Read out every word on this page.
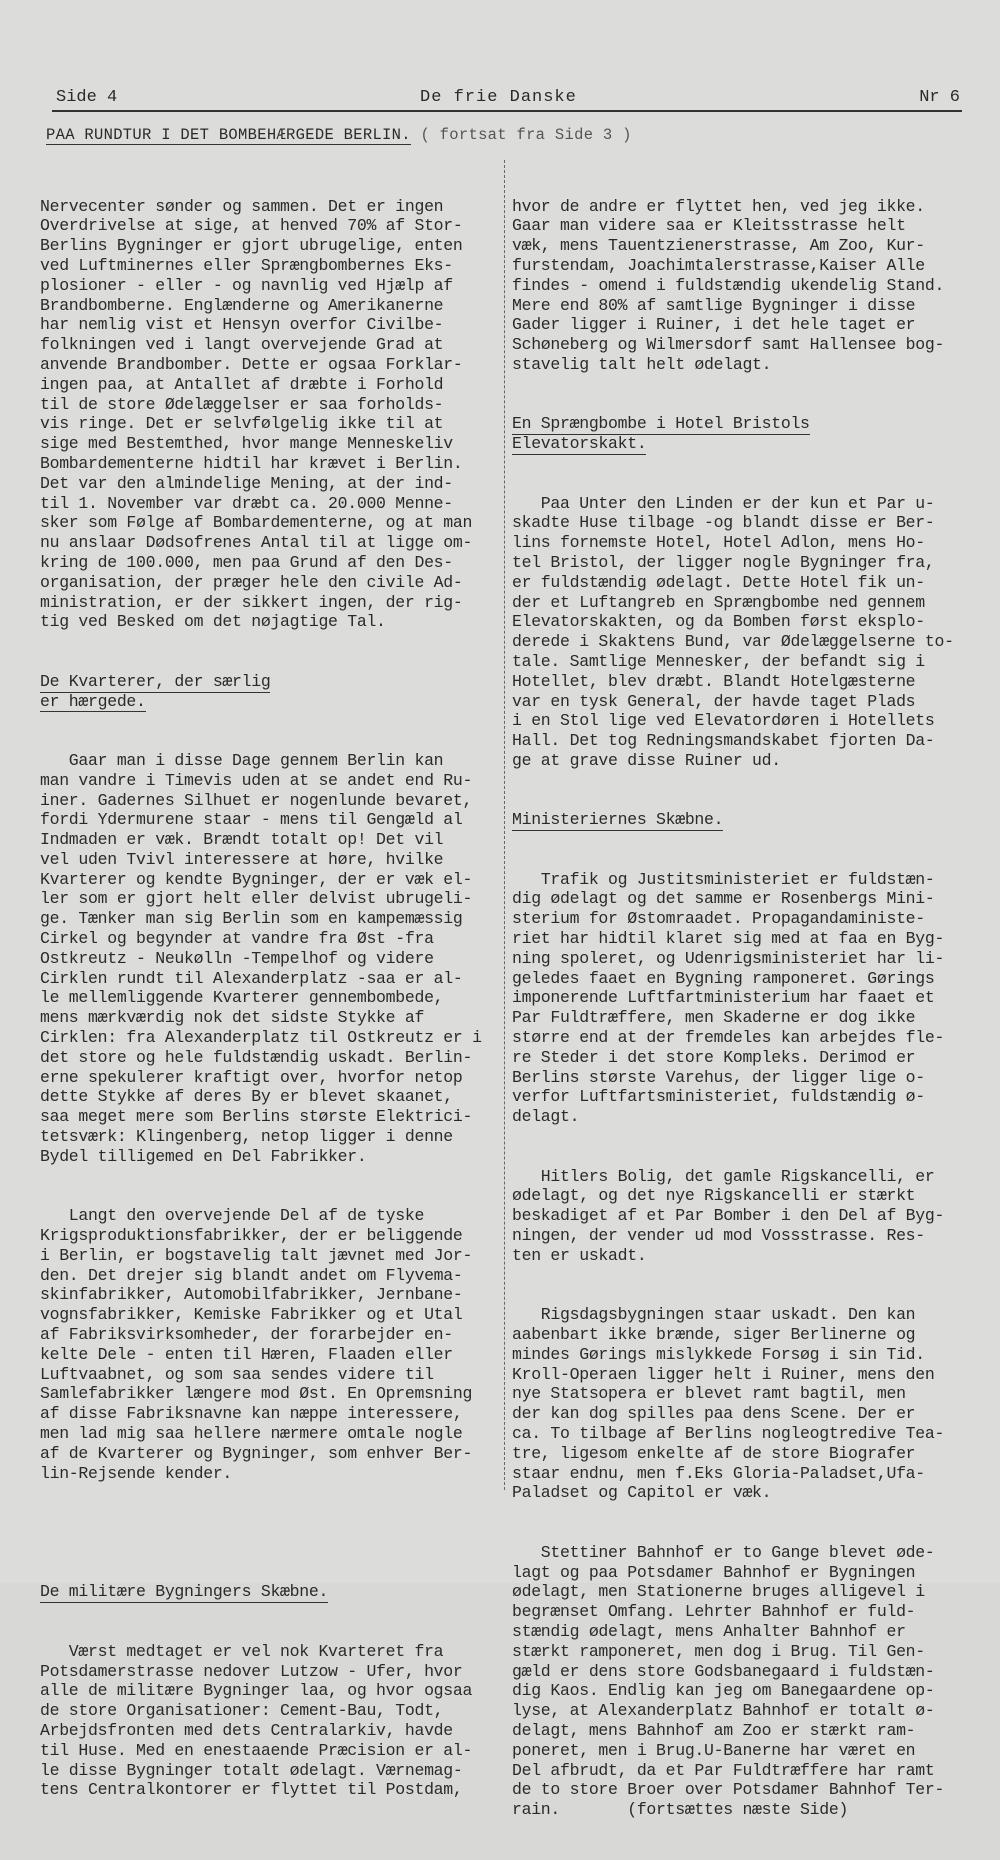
Side 4	De frie Danske	Nr 6
PAA RUNDTUR I DET BOMBEHÆRGEDE BERLIN. ( fortsat fra Side 3 )

Nervecenter sønder og sammen. Det er ingen
Overdrivelse at sige, at henved 70% af Stor-
Berlins Bygninger er gjort ubrugelige, enten
ved Luftminernes eller Sprængbombernes Eks-
plosioner - eller - og navnlig ved Hjælp af
Brandbomberne. Englænderne og Amerikanerne
har nemlig vist et Hensyn overfor Civilbe-
folkningen ved i langt overvejende Grad at
anvende Brandbomber. Dette er ogsaa Forklar-
ingen paa, at Antallet af dræbte i Forhold
til de store Ødelæggelser er saa forholds-
vis ringe. Det er selvfølgelig ikke til at
sige med Bestemthed, hvor mange Menneskeliv
Bombardementerne hidtil har krævet i Berlin.
Det var den almindelige Mening, at der ind-
til 1. November var dræbt ca. 20.000 Menne-
sker som Følge af Bombardementerne, og at man
nu anslaar Dødsofrenes Antal til at ligge om-
kring de 100.000, men paa Grund af den Des-
organisation, der præger hele den civile Ad-
ministration, er der sikkert ingen, der rig-
tig ved Besked om det nøjagtige Tal.

De Kvarterer, der særlig
er hærgede.

Gaar man i disse Dage gennem Berlin kan
man vandre i Timevis uden at se andet end Ru-
iner. Gadernes Silhuet er nogenlunde bevaret,
fordi Ydermurene staar - mens til Gengæld al
Indmaden er væk. Brændt totalt op! Det vil
vel uden Tvivl interessere at høre, hvilke
Kvarterer og kendte Bygninger, der er væk el-
ler som er gjort helt eller delvist ubrugeli-
ge. Tænker man sig Berlin som en kampemæssig
Cirkel og begynder at vandre fra Øst -fra
Ostkreutz - Neukølln -Tempelhof og videre
Cirklen rundt til Alexanderplatz -saa er al-
le mellemliggende Kvarterer gennembombede,
mens mærkværdig nok det sidste Stykke af
Cirklen: fra Alexanderplatz til Ostkreutz er i
det store og hele fuldstændig uskadt. Berlin-
erne spekulerer kraftigt over, hvorfor netop
dette Stykke af deres By er blevet skaanet,
saa meget mere som Berlins største Elektrici-
tetsværk: Klingenberg, netop ligger i denne
Bydel tilligemed en Del Fabrikker.

Langt den overvejende Del af de tyske
Krigsproduktionsfabrikker, der er beliggende
i Berlin, er bogstavelig talt jævnet med Jor-
den. Det drejer sig blandt andet om Flyvema-
skinfabrikker, Automobilfabrikker, Jernbane-
vognsfabrikker, Kemiske Fabrikker og et Utal
af Fabriksvirksomheder, der forarbejder en-
kelte Dele - enten til Hæren, Flaaden eller
Luftvaabnet, og som saa sendes videre til
Samlefabrikker længere mod Øst. En Opremsning
af disse Fabriksnavne kan næppe interessere,
men lad mig saa hellere nærmere omtale nogle
af de Kvarterer og Bygninger, som enhver Ber-
lin-Rejsende kender.

De militære Bygningers Skæbne.

Værst medtaget er vel nok Kvarteret fra
Potsdamerstrasse nedover Lutzow - Ufer, hvor
alle de militære Bygninger laa, og hvor ogsaa
de store Organisationer: Cement-Bau, Todt,
Arbejdsfronten med dets Centralarkiv, havde
til Huse. Med en enestaaende Præcision er al-
le disse Bygninger totalt ødelagt. Værnemag-
tens Centralkontorer er flyttet til Postdam,

hvor de andre er flyttet hen, ved jeg ikke.
Gaar man videre saa er Kleitsstrasse helt
væk, mens Tauentzienerstrasse, Am Zoo, Kur-
furstendam, Joachimtalerstrasse,Kaiser Alle
findes - omend i fuldstændig ukendelig Stand.
Mere end 80% af samtlige Bygninger i disse
Gader ligger i Ruiner, i det hele taget er
Schøneberg og Wilmersdorf samt Hallensee bog-
stavelig talt helt ødelagt.

En Sprængbombe i Hotel Bristols
Elevatorskakt.

Paa Unter den Linden er der kun et Par u-
skadte Huse tilbage -og blandt disse er Ber-
lins fornemste Hotel, Hotel Adlon, mens Ho-
tel Bristol, der ligger nogle Bygninger fra,
er fuldstændig ødelagt. Dette Hotel fik un-
der et Luftangreb en Sprængbombe ned gennem
Elevatorskakten, og da Bomben først eksplo-
derede i Skaktens Bund, var Ødelæggelserne to-
tale. Samtlige Mennesker, der befandt sig i
Hotellet, blev dræbt. Blandt Hotelgæsterne
var en tysk General, der havde taget Plads
i en Stol lige ved Elevatordøren i Hotellets
Hall. Det tog Redningsmandskabet fjorten Da-
ge at grave disse Ruiner ud.

Ministeriernes Skæbne.

Trafik og Justitsministeriet er fuldstæn-
dig ødelagt og det samme er Rosenbergs Mini-
sterium for Østomraadet. Propagandaministe-
riet har hidtil klaret sig med at faa en Byg-
ning spoleret, og Udenrigsministeriet har li-
geledes faaet en Bygning ramponeret. Gørings
imponerende Luftfartministerium har faaet et
Par Fuldtræffere, men Skaderne er dog ikke
større end at der fremdeles kan arbejdes fle-
re Steder i det store Kompleks. Derimod er
Berlins største Varehus, der ligger lige o-
verfor Luftfartsministeriet, fuldstændig ø-
delagt.

Hitlers Bolig, det gamle Rigskancelli, er
ødelagt, og det nye Rigskancelli er stærkt
beskadiget af et Par Bomber i den Del af Byg-
ningen, der vender ud mod Vossstrasse. Res-
ten er uskadt.

Rigsdagsbygningen staar uskadt. Den kan
aabenbart ikke brænde, siger Berlinerne og
mindes Gørings mislykkede Forsøg i sin Tid.
Kroll-Operaen ligger helt i Ruiner, mens den
nye Statsopera er blevet ramt bagtil, men
der kan dog spilles paa dens Scene. Der er
ca. To tilbage af Berlins nogleogtredive Tea-
tre, ligesom enkelte af de store Biografer
staar endnu, men f.Eks Gloria-Paladset,Ufa-
Paladset og Capitol er væk.

Stettiner Bahnhof er to Gange blevet øde-
lagt og paa Potsdamer Bahnhof er Bygningen
ødelagt, men Stationerne bruges alligevel i
begrænset Omfang. Lehrter Bahnhof er fuld-
stændig ødelagt, mens Anhalter Bahnhof er
stærkt ramponeret, men dog i Brug. Til Gen-
gæld er dens store Godsbanegaard i fuldstæn-
dig Kaos. Endlig kan jeg om Banegaardene op-
lyse, at Alexanderplatz Bahnhof er totalt ø-
delagt, mens Bahnhof am Zoo er stærkt ram-
poneret, men i Brug.U-Banerne har været en
Del afbrudt, da et Par Fuldtræffere har ramt
de to store Broer over Potsdamer Bahnhof Ter-
rain.       (fortsættes næste Side)
